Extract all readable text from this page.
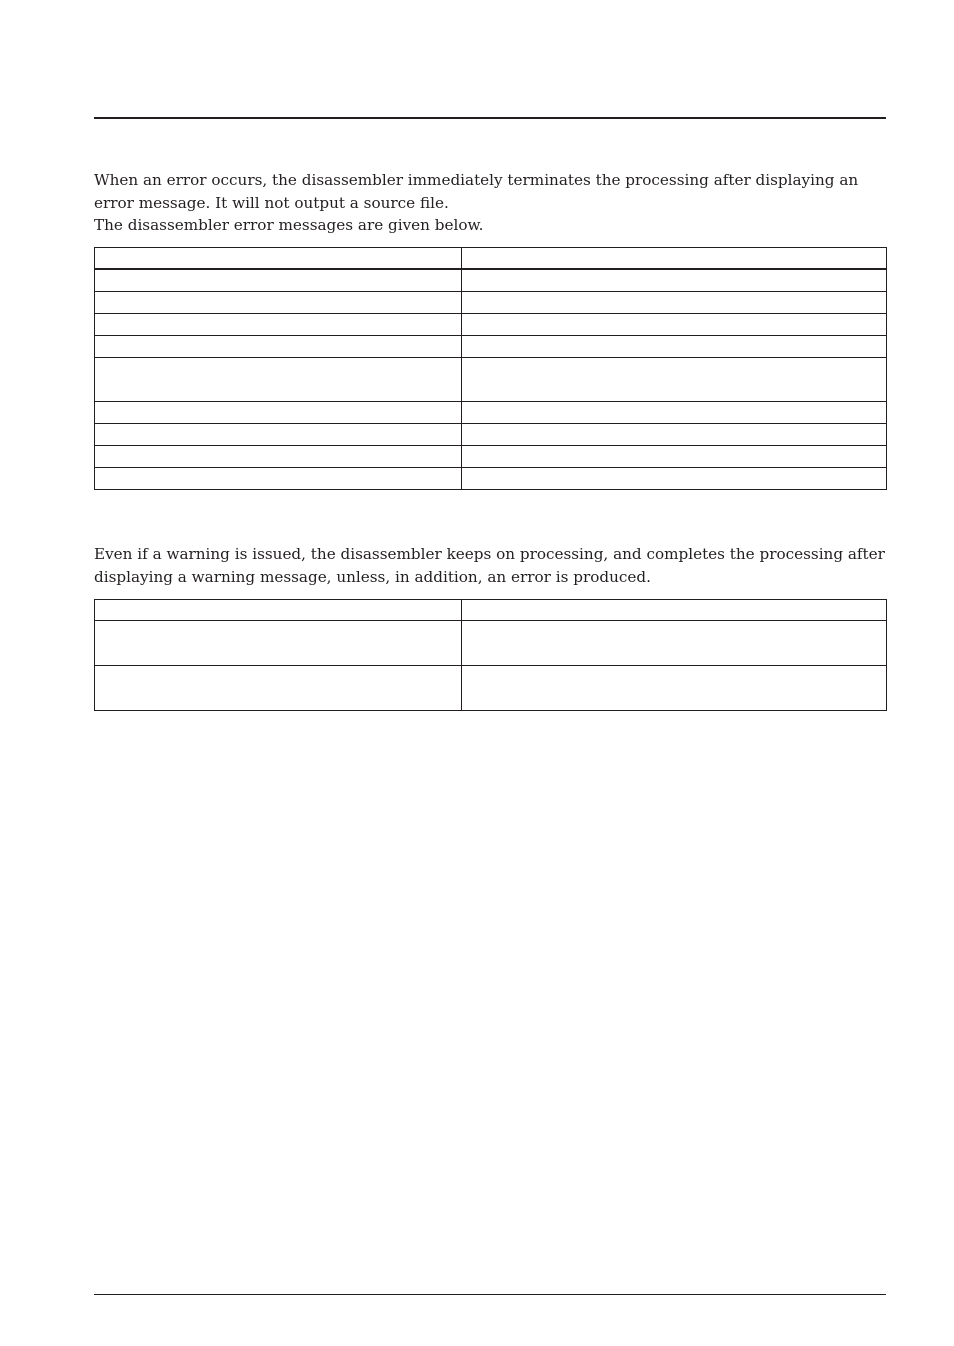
When an error occurs, the disassembler immediately terminates the processing after displaying an error message. It will not output a source file.

The disassembler error messages are given below.

Even if a warning is issued, the disassembler keeps on processing, and completes the processing after displaying a warning message, unless, in addition, an error is produced.
